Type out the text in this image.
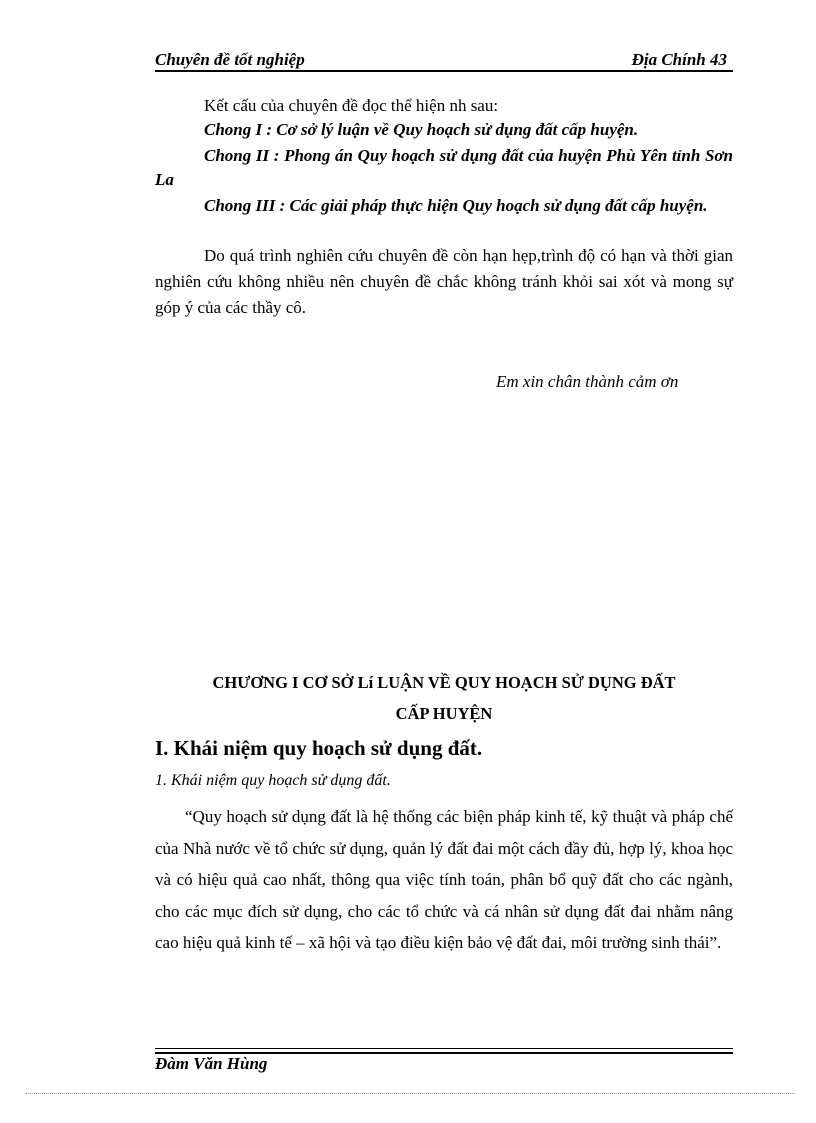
Chuyên đề tốt nghiệp	Địa Chính 43
Kết cấu của chuyên đề đọc thể hiện nh sau:
Chong I : Cơ sở lý luận về Quy hoạch sử dụng đất cấp huyện.
Chong II : Phong án Quy hoạch sử dụng đất của huyện Phù Yên tỉnh Sơn La
Chong III : Các giải pháp thực hiện Quy hoạch sử dụng đất cấp huyện.
Do quá trình nghiên cứu chuyên đề còn hạn hẹp,trình độ có hạn và thời gian nghiên cứu không nhiều nên chuyên đề chắc không tránh khỏi sai xót và mong sự góp ý của các thầy cô.
Em xin chân thành cảm ơn
CHƯƠNG I CƠ SỞ Lí LUẬN VỀ QUY HOẠCH SỬ DỤNG ĐẤT
CẤP HUYỆN
I. Khái niệm quy hoạch sử dụng đất.
1. Khái niệm quy hoạch sử dụng đất.
“Quy hoạch sử dụng đất là hệ thống các biện pháp kinh tế, kỹ thuật và pháp chế của Nhà nước về tổ chức sử dụng, quản lý đất đai một cách đầy đủ, hợp lý, khoa học và có hiệu quả cao nhất, thông qua việc tính toán, phân bổ quỹ đất cho các ngành, cho các mục đích sử dụng, cho các tổ chức và cá nhân sử dụng đất đai nhằm nâng cao hiệu quả kinh tế – xã hội và tạo điều kiện bảo vệ đất đai, môi trường sinh thái”.
Đàm Văn Hùng
